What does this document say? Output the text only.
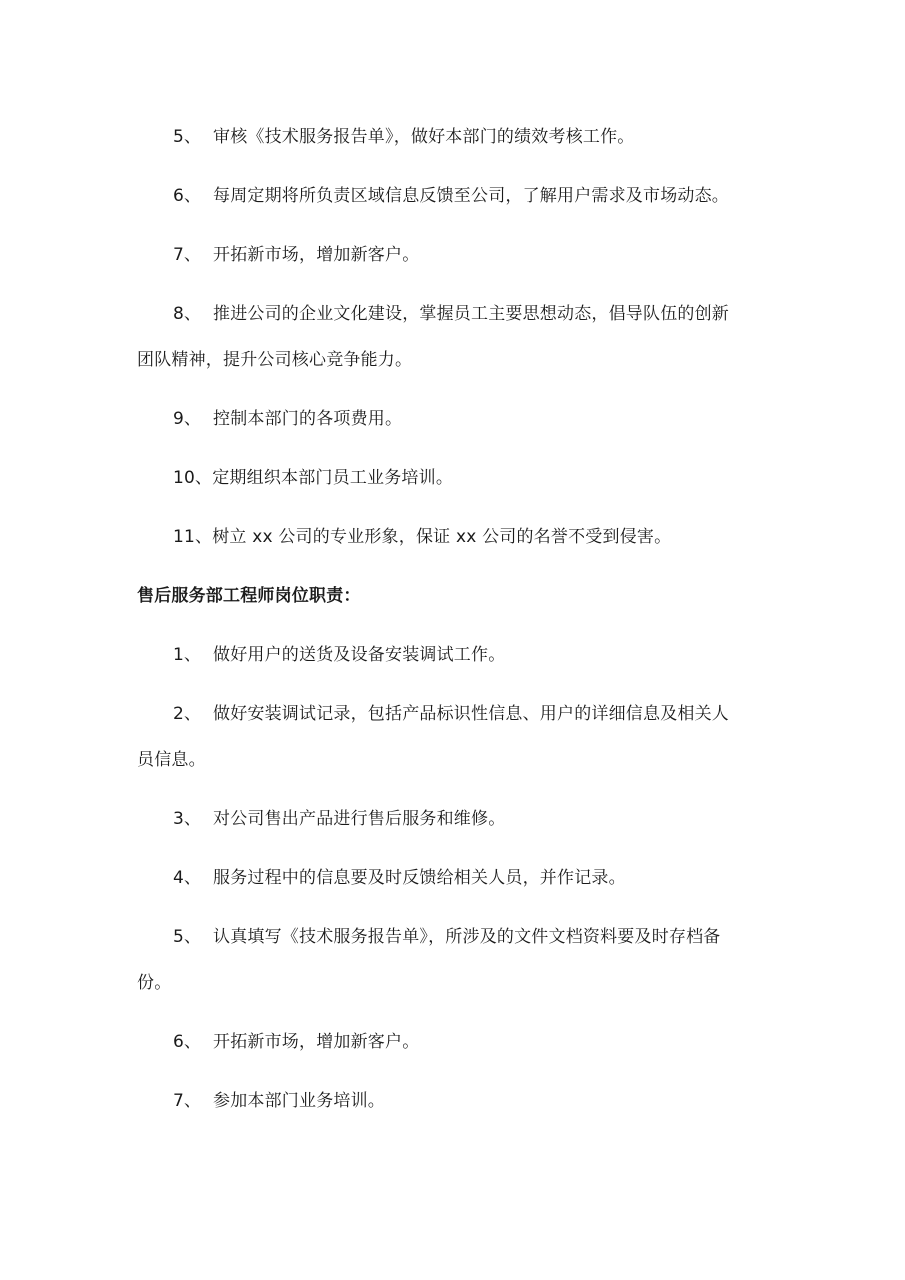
5、 审核《技术服务报告单》，做好本部门的绩效考核工作。
6、 每周定期将所负责区域信息反馈至公司，了解用户需求及市场动态。
7、 开拓新市场，增加新客户。
8、 推进公司的企业文化建设，掌握员工主要思想动态，倡导队伍的创新
团队精神，提升公司核心竞争能力。
9、 控制本部门的各项费用。
10、定期组织本部门员工业务培训。
11、树立 xx 公司的专业形象，保证 xx 公司的名誉不受到侵害。
售后服务部工程师岗位职责：
1、 做好用户的送货及设备安装调试工作。
2、 做好安装调试记录，包括产品标识性信息、用户的详细信息及相关人
员信息。
3、 对公司售出产品进行售后服务和维修。
4、 服务过程中的信息要及时反馈给相关人员，并作记录。
5、 认真填写《技术服务报告单》，所涉及的文件文档资料要及时存档备
份。
6、 开拓新市场，增加新客户。
7、 参加本部门业务培训。
